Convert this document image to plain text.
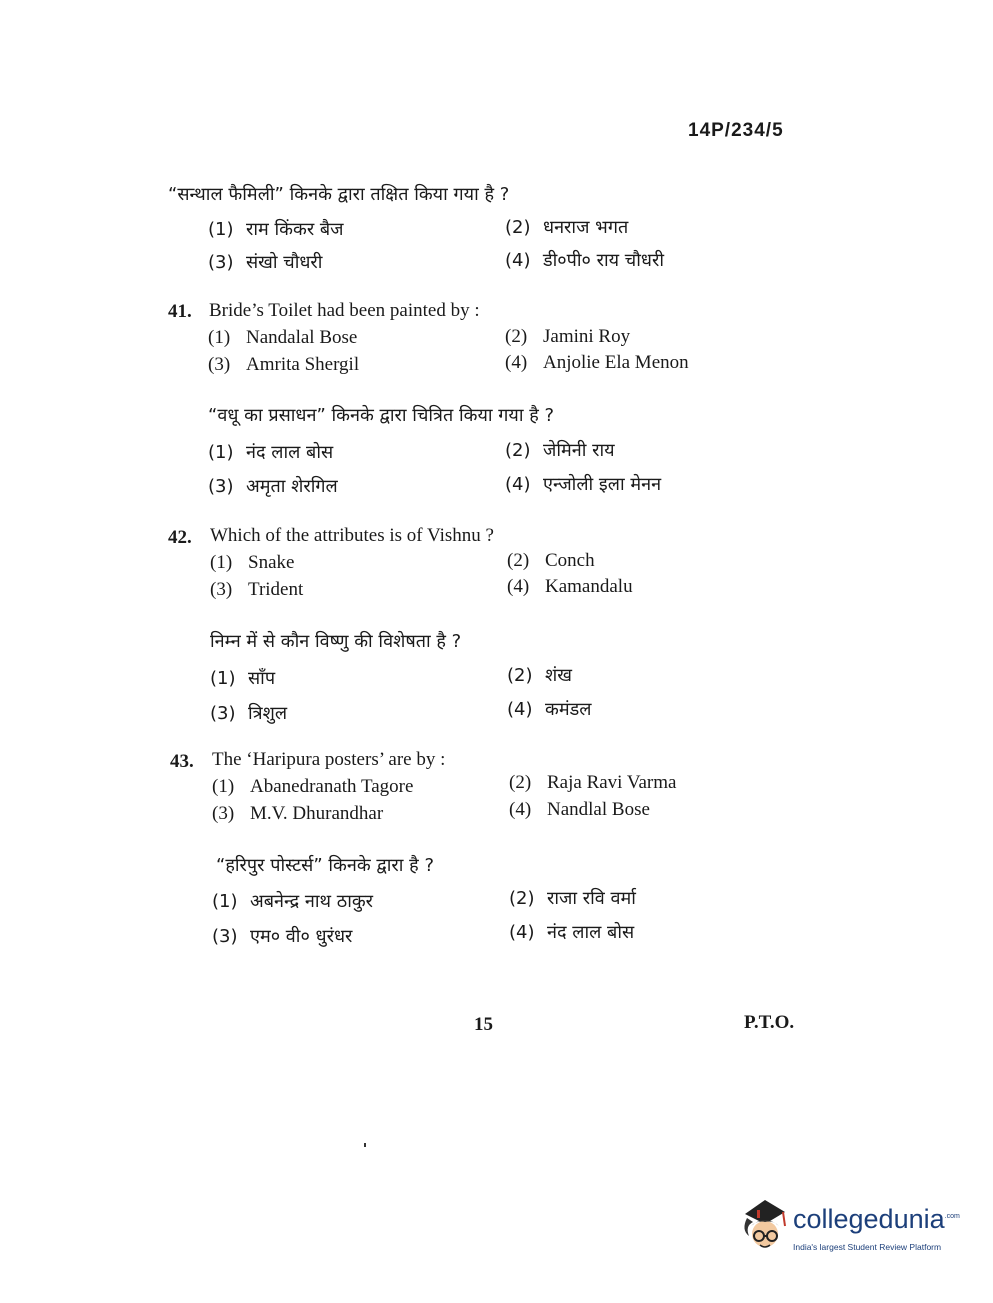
14P/234/5
“सन्थाल फैमिली” किनके द्वारा तक्षित किया गया है ?
(1) राम किंकर बैज	(2) धनराज भगत
(3) संखो चौधरी	(4) डी०पी० राय चौधरी
41. Bride’s Toilet had been painted by :
(1) Nandalal Bose	(2) Jamini Roy
(3) Amrita Shergil	(4) Anjolie Ela Menon
“वधू का प्रसाधन” किनके द्वारा चित्रित किया गया है ?
(1) नंद लाल बोस	(2) जेमिनी राय
(3) अमृता शेरगिल	(4) एन्जोली इला मेनन
42. Which of the attributes is of Vishnu ?
(1) Snake	(2) Conch
(3) Trident	(4) Kamandalu
निम्न में से कौन विष्णु की विशेषता है ?
(1) साँप	(2) शंख
(3) त्रिशुल	(4) कमंडल
43. The ‘Haripura posters’ are by :
(1) Abanedranath Tagore	(2) Raja Ravi Varma
(3) M.V. Dhurandhar	(4) Nandlal Bose
“हरिपुर पोस्टर्स” किनके द्वारा है ?
(1) अबनेन्द्र नाथ ठाकुर	(2) राजा रवि वर्मा
(3) एम० वी० धुरंधर	(4) नंद लाल बोस
15	P.T.O.
collegedunia$^{.com}$
India's largest Student Review Platform
